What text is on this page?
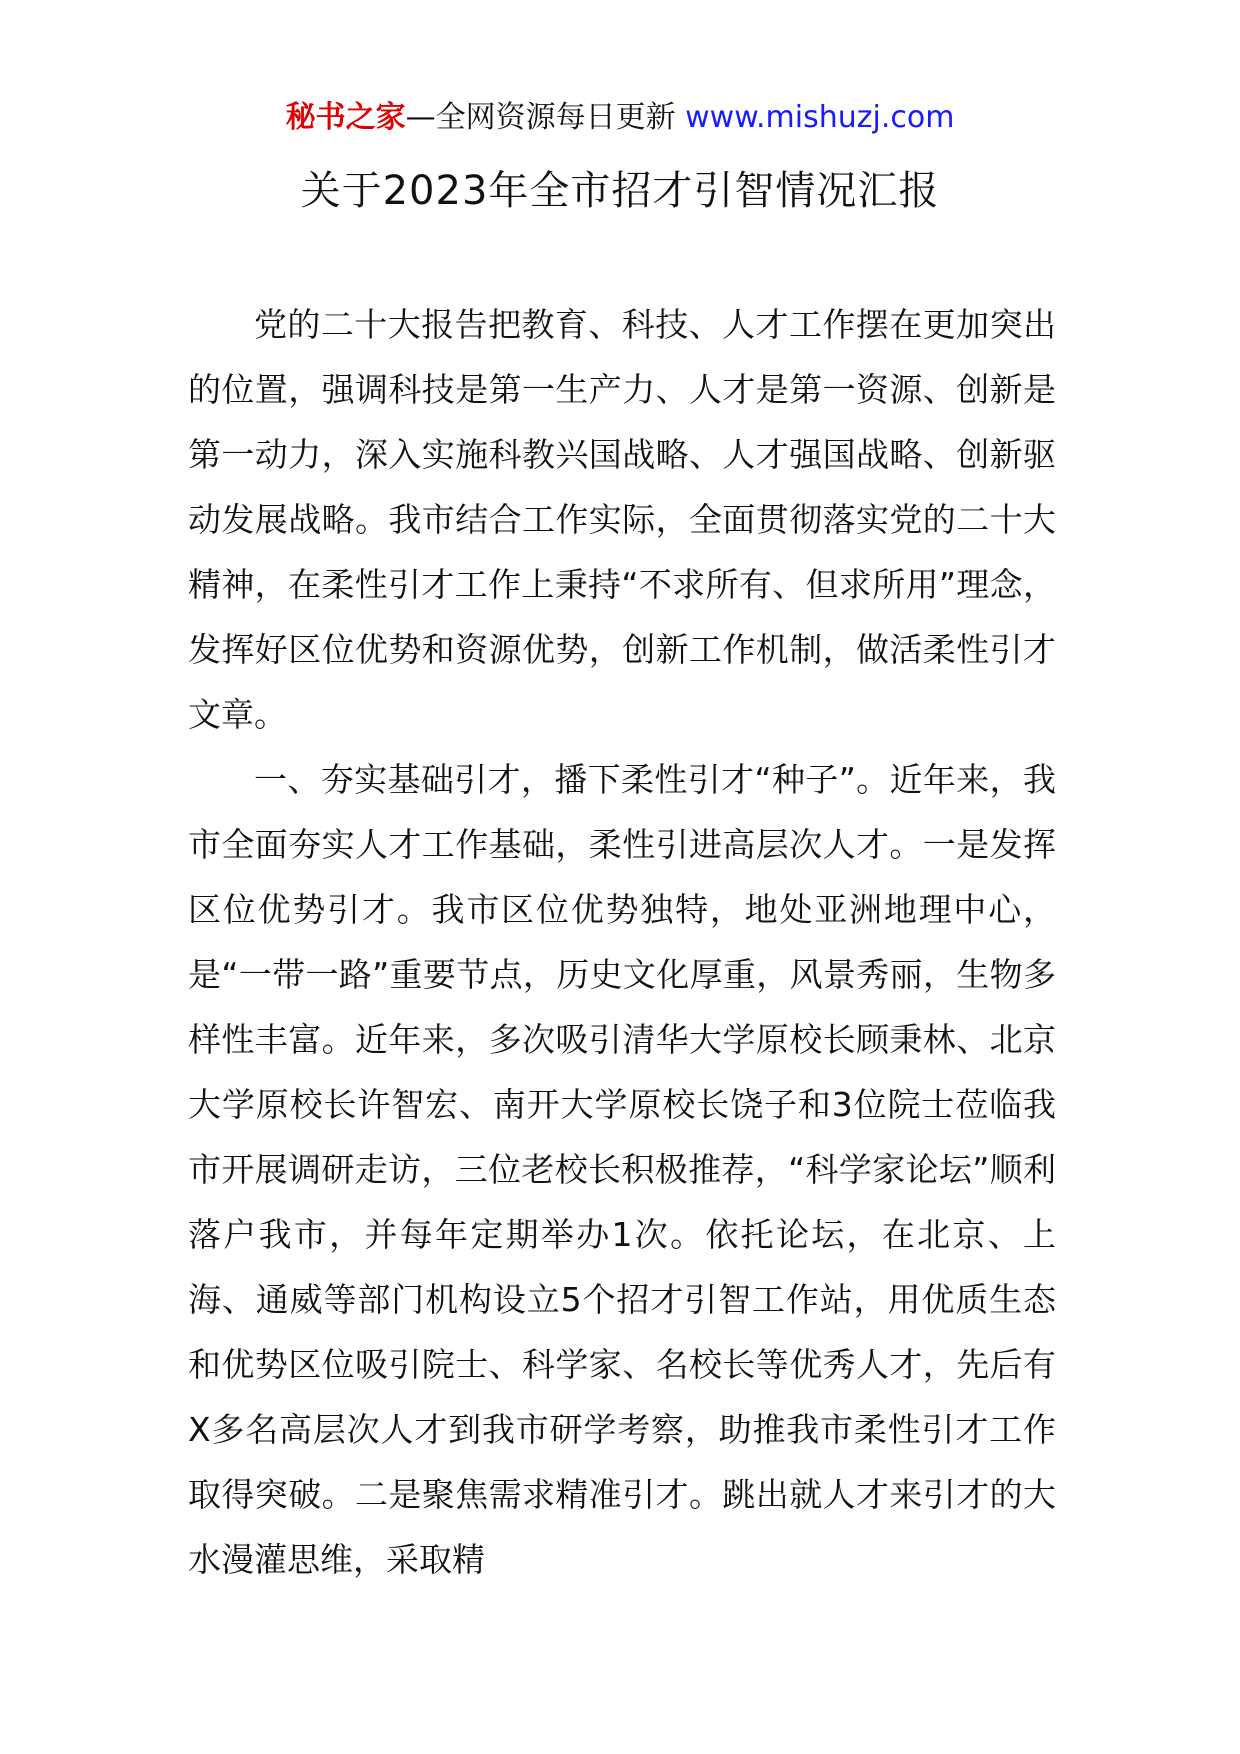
秘书之家—全网资源每日更新 www.mishuzj.com
关于2023年全市招才引智情况汇报

党的二十大报告把教育、科技、人才工作摆在更加突出的位置，强调科技是第一生产力、人才是第一资源、创新是第一动力，深入实施科教兴国战略、人才强国战略、创新驱动发展战略。我市结合工作实际，全面贯彻落实党的二十大精神，在柔性引才工作上秉持“不求所有、但求所用”理念，发挥好区位优势和资源优势，创新工作机制，做活柔性引才文章。

一、夯实基础引才，播下柔性引才“种子”。近年来，我市全面夯实人才工作基础，柔性引进高层次人才。一是发挥区位优势引才。我市区位优势独特，地处亚洲地理中心，是“一带一路”重要节点，历史文化厚重，风景秀丽，生物多样性丰富。近年来，多次吸引清华大学原校长顾秉林、北京大学原校长许智宏、南开大学原校长饶子和3位院士莅临我市开展调研走访，三位老校长积极推荐，“科学家论坛”顺利落户我市，并每年定期举办1次。依托论坛，在北京、上海、通威等部门机构设立5个招才引智工作站，用优质生态和优势区位吸引院士、科学家、名校长等优秀人才，先后有X多名高层次人才到我市研学考察，助推我市柔性引才工作取得突破。二是聚焦需求精准引才。跳出就人才来引才的大水漫灌思维，采取精
